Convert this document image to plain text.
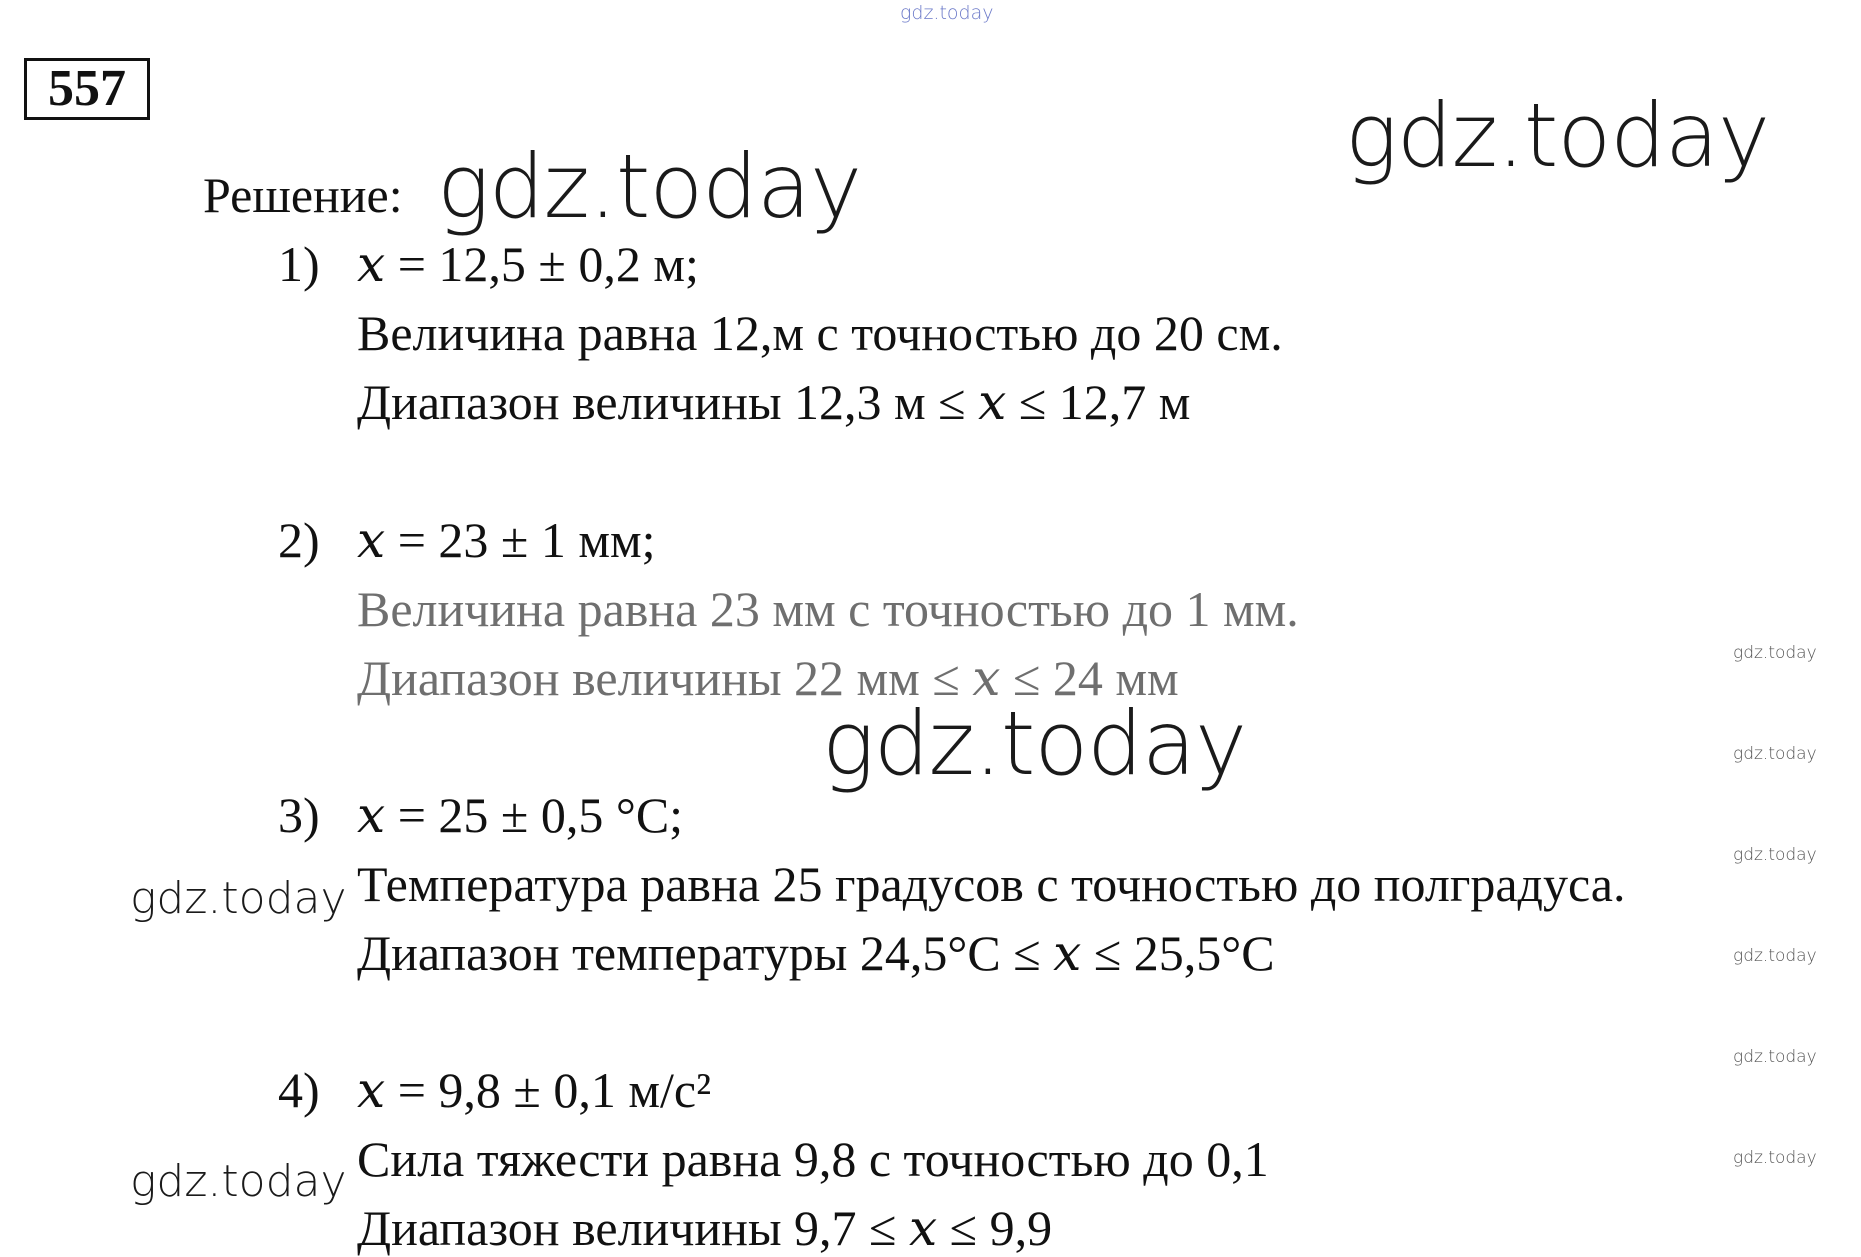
gdz.today
gdz.today
gdz.today
gdz.today
gdz.today
gdz.today
gdz.today
gdz.today
gdz.today
gdz.today
gdz.today
gdz.today
557
Решение:
1) 𝑥 = 12,5 ± 0,2 м;
Величина равна 12,м с точностью до 20 см.
Диапазон величины 12,3 м ≤ 𝑥 ≤ 12,7 м
2) 𝑥 = 23 ± 1 мм;
Величина равна 23 мм с точностью до 1 мм.
Диапазон величины 22 мм ≤ 𝑥 ≤ 24 мм
3) 𝑥 = 25 ± 0,5 °C;
Температура равна 25 градусов с точностью до полградуса.
Диапазон температуры 24,5°C ≤ 𝑥 ≤ 25,5°C
4) 𝑥 = 9,8 ± 0,1 м/с²
Сила тяжести равна 9,8 с точностью до 0,1
Диапазон величины 9,7 ≤ 𝑥 ≤ 9,9
